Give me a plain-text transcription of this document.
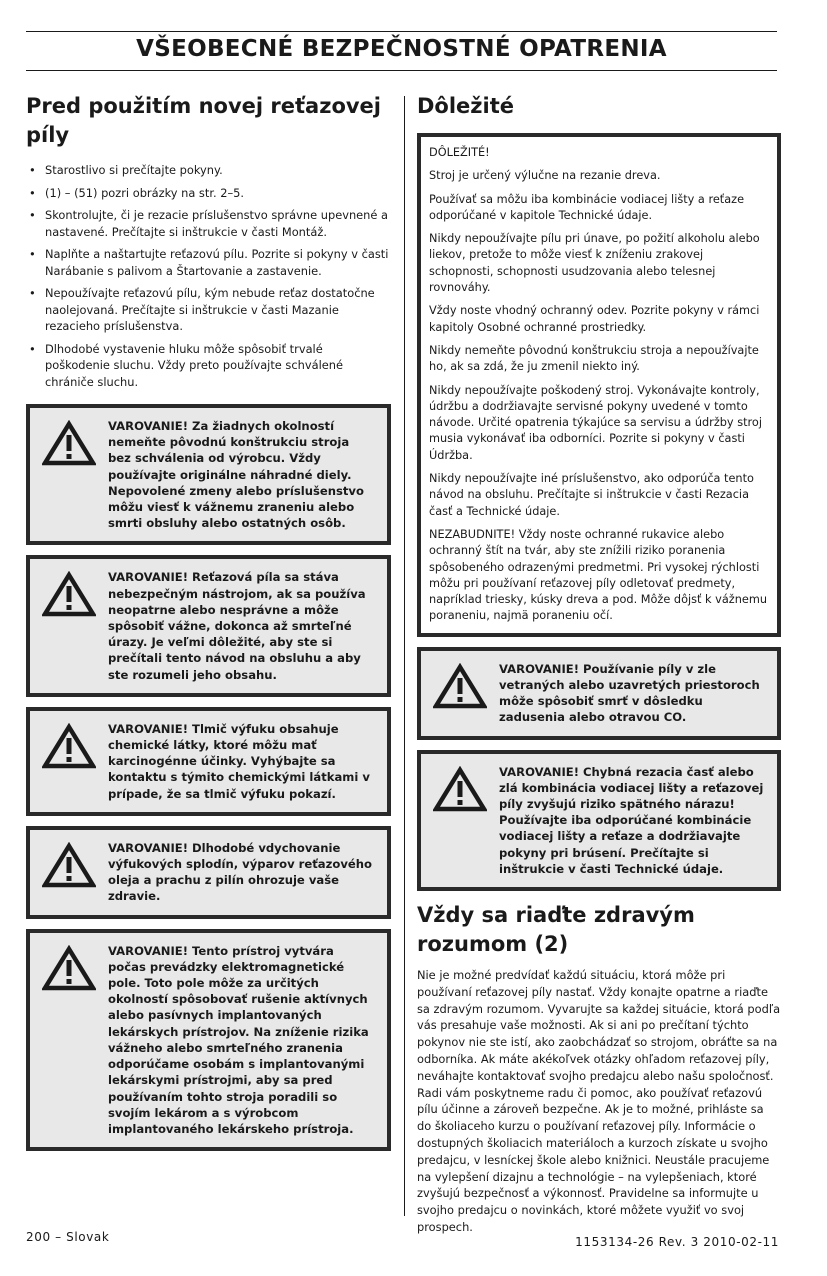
VŠEOBECNÉ BEZPEČNOSTNÉ OPATRENIA
Pred použitím novej reťazovej píly
• Starostlivo si prečítajte pokyny.
• (1) – (51) pozri obrázky na str. 2–5.
• Skontrolujte, či je rezacie príslušenstvo správne upevnené a nastavené. Prečítajte si inštrukcie v časti Montáž.
• Naplňte a naštartujte reťazovú pílu. Pozrite si pokyny v časti Narábanie s palivom a Štartovanie a zastavenie.
• Nepoužívajte reťazovú pílu, kým nebude reťaz dostatočne naolejovaná. Prečítajte si inštrukcie v časti Mazanie rezacieho príslušenstva.
• Dlhodobé vystavenie hluku môže spôsobiť trvalé poškodenie sluchu. Vždy preto používajte schválené chrániče sluchu.
VAROVANIE! Za žiadnych okolností nemeňte pôvodnú konštrukciu stroja bez schválenia od výrobcu. Vždy používajte originálne náhradné diely. Nepovolené zmeny alebo príslušenstvo môžu viesť k vážnemu zraneniu alebo smrti obsluhy alebo ostatných osôb.
VAROVANIE! Reťazová píla sa stáva nebezpečným nástrojom, ak sa používa neopatrne alebo nesprávne a môže spôsobiť vážne, dokonca až smrteľné úrazy. Je veľmi dôležité, aby ste si prečítali tento návod na obsluhu a aby ste rozumeli jeho obsahu.
VAROVANIE! Tlmič výfuku obsahuje chemické látky, ktoré môžu mať karcinogénne účinky. Vyhýbajte sa kontaktu s týmito chemickými látkami v prípade, že sa tlmič výfuku pokazí.
VAROVANIE! Dlhodobé vdychovanie výfukových splodín, výparov reťazového oleja a prachu z pilín ohrozuje vaše zdravie.
VAROVANIE! Tento prístroj vytvára počas prevádzky elektromagnetické pole. Toto pole môže za určitých okolností spôsobovať rušenie aktívnych alebo pasívnych implantovaných lekárskych prístrojov. Na zníženie rizika vážneho alebo smrteľného zranenia odporúčame osobám s implantovanými lekárskymi prístrojmi, aby sa pred používaním tohto stroja poradili so svojím lekárom a s výrobcom implantovaného lekárskeho prístroja.
Dôležité

DÔLEŽITÉ!

Stroj je určený výlučne na rezanie dreva.

Používať sa môžu iba kombinácie vodiacej lišty a reťaze odporúčané v kapitole Technické údaje.

Nikdy nepoužívajte pílu pri únave, po požití alkoholu alebo liekov, pretože to môže viesť k zníženiu zrakovej schopnosti, schopnosti usudzovania alebo telesnej rovnováhy.

Vždy noste vhodný ochranný odev. Pozrite pokyny v rámci kapitoly Osobné ochranné prostriedky.

Nikdy nemeňte pôvodnú konštrukciu stroja a nepoužívajte ho, ak sa zdá, že ju zmenil niekto iný.

Nikdy nepoužívajte poškodený stroj. Vykonávajte kontroly, údržbu a dodržiavajte servisné pokyny uvedené v tomto návode. Určité opatrenia týkajúce sa servisu a údržby stroj musia vykonávať iba odborníci. Pozrite si pokyny v časti Údržba.

Nikdy nepoužívajte iné príslušenstvo, ako odporúča tento návod na obsluhu. Prečítajte si inštrukcie v časti Rezacia časť a Technické údaje.

NEZABUDNITE! Vždy noste ochranné rukavice alebo ochranný štít na tvár, aby ste znížili riziko poranenia spôsobeného odrazenými predmetmi. Pri vysokej rýchlosti môžu pri používaní reťazovej píly odletovať predmety, napríklad triesky, kúsky dreva a pod. Môže dôjsť k vážnemu poraneniu, najmä poraneniu očí.

VAROVANIE! Používanie píly v zle vetraných alebo uzavretých priestoroch môže spôsobiť smrť v dôsledku zadusenia alebo otravou CO.
VAROVANIE! Chybná rezacia časť alebo zlá kombinácia vodiacej lišty a reťazovej píly zvyšujú riziko spätného nárazu! Používajte iba odporúčané kombinácie vodiacej lišty a reťaze a dodržiavajte pokyny pri brúsení. Prečítajte si inštrukcie v časti Technické údaje.
Vždy sa riaďte zdravým rozumom (2)

Nie je možné predvídať každú situáciu, ktorá môže pri používaní reťazovej píly nastať. Vždy konajte opatrne a riaďte sa zdravým rozumom. Vyvarujte sa každej situácie, ktorá podľa vás presahuje vaše možnosti. Ak si ani po prečítaní týchto pokynov nie ste istí, ako zaobchádzať so strojom, obráťte sa na odborníka. Ak máte akékoľvek otázky ohľadom reťazovej píly, neváhajte kontaktovať svojho predajcu alebo našu spoločnosť. Radi vám poskytneme radu či pomoc, ako používať reťazovú pílu účinne a zároveň bezpečne. Ak je to možné, prihláste sa do školiaceho kurzu o používaní reťazovej píly. Informácie o dostupných školiacich materiáloch a kurzoch získate u svojho predajcu, v lesníckej škole alebo knižnici. Neustále pracujeme na vylepšení dizajnu a technológie – na vylepšeniach, ktoré zvyšujú bezpečnosť a výkonnosť. Pravidelne sa informujte u svojho predajcu o novinkách, ktoré môžete využiť vo svoj prospech.

200 – Slovak	1153134-26 Rev. 3 2010-02-11
